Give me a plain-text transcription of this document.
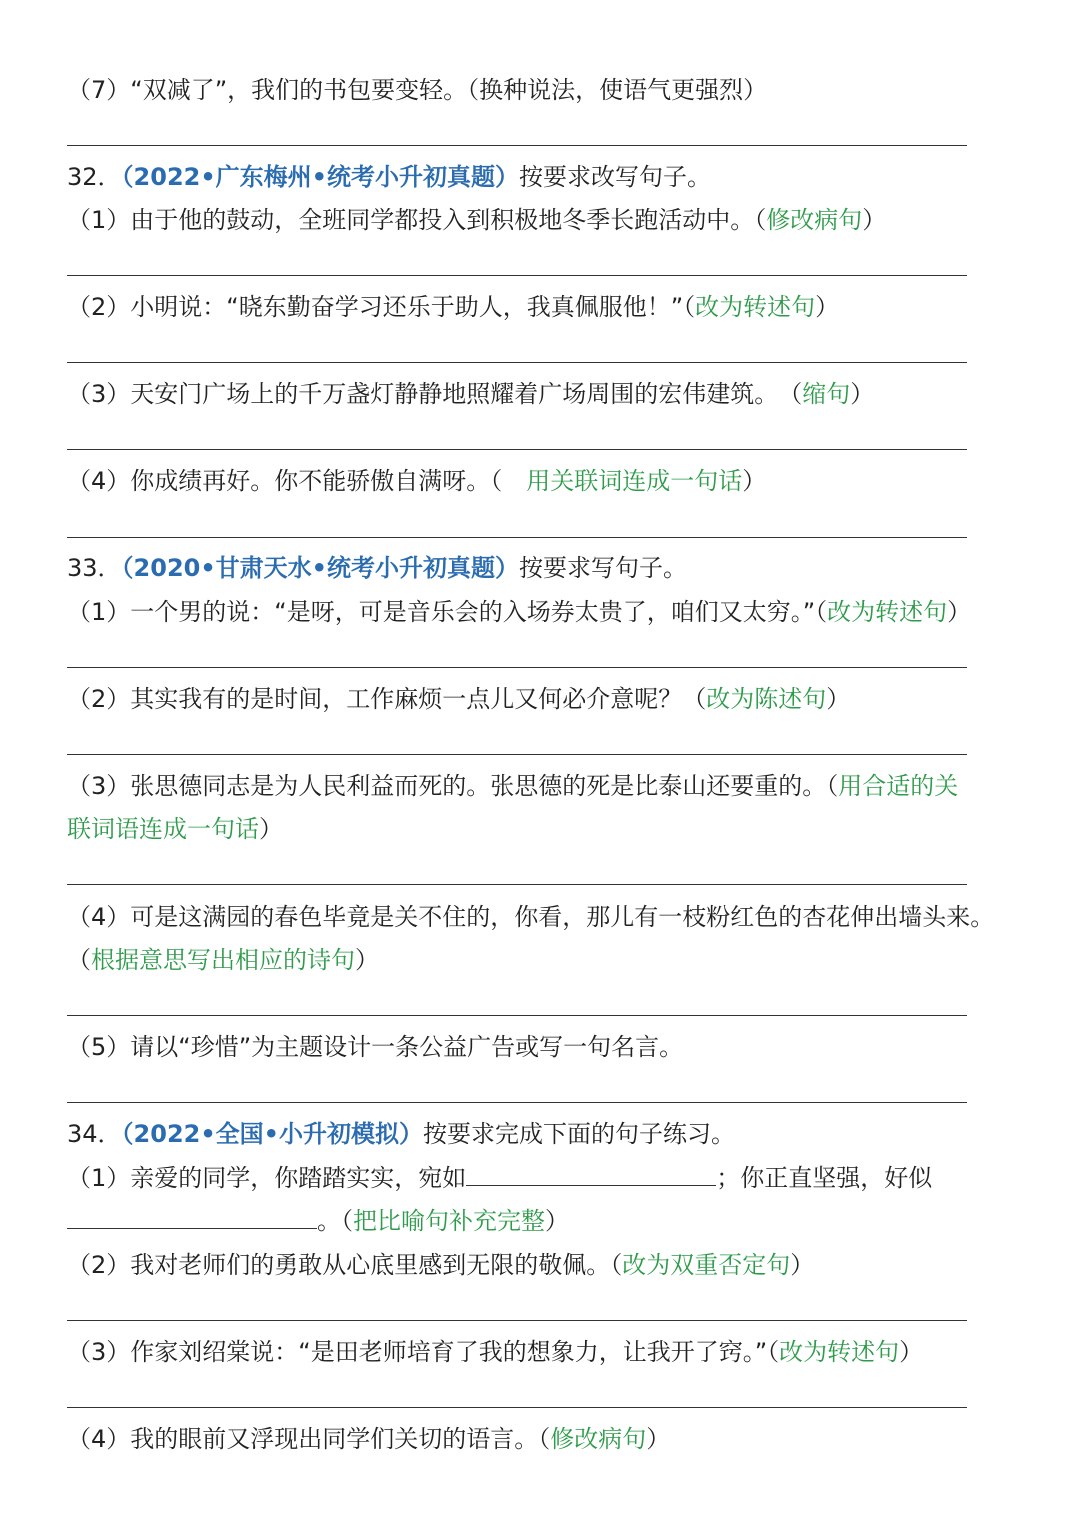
（7）“双减了”，我们的书包要变轻。（换种说法，使语气更强烈）
32．（2022•广东梅州•统考小升初真题）按要求改写句子。
（1）由于他的鼓动，全班同学都投入到积极地冬季长跑活动中。（修改病句）
（2）小明说：“晓东勤奋学习还乐于助人，我真佩服他！”（改为转述句）
（3）天安门广场上的千万盏灯静静地照耀着广场周围的宏伟建筑。　（缩句）
（4）你成绩再好。你不能骄傲自满呀。（　用关联词连成一句话）
33．（2020•甘肃天水•统考小升初真题）按要求写句子。
（1）一个男的说：“是呀，可是音乐会的入场券太贵了，咱们又太穷。”（改为转述句）
（2）其实我有的是时间，工作麻烦一点儿又何必介意呢？（改为陈述句）
（3）张思德同志是为人民利益而死的。张思德的死是比泰山还要重的。（用合适的关
联词语连成一句话）
（4）可是这满园的春色毕竟是关不住的，你看，那儿有一枝粉红色的杏花伸出墙头来。
（根据意思写出相应的诗句）
（5）请以“珍惜”为主题设计一条公益广告或写一句名言。
34．（2022•全国•小升初模拟）按要求完成下面的句子练习。
（1）亲爱的同学，你踏踏实实，宛如	；你正直坚强，好似
。（把比喻句补充完整）
（2）我对老师们的勇敢从心底里感到无限的敬佩。（改为双重否定句）
（3）作家刘绍棠说：“是田老师培育了我的想象力，让我开了窍。”（改为转述句）
（4）我的眼前又浮现出同学们关切的语言。（修改病句）
